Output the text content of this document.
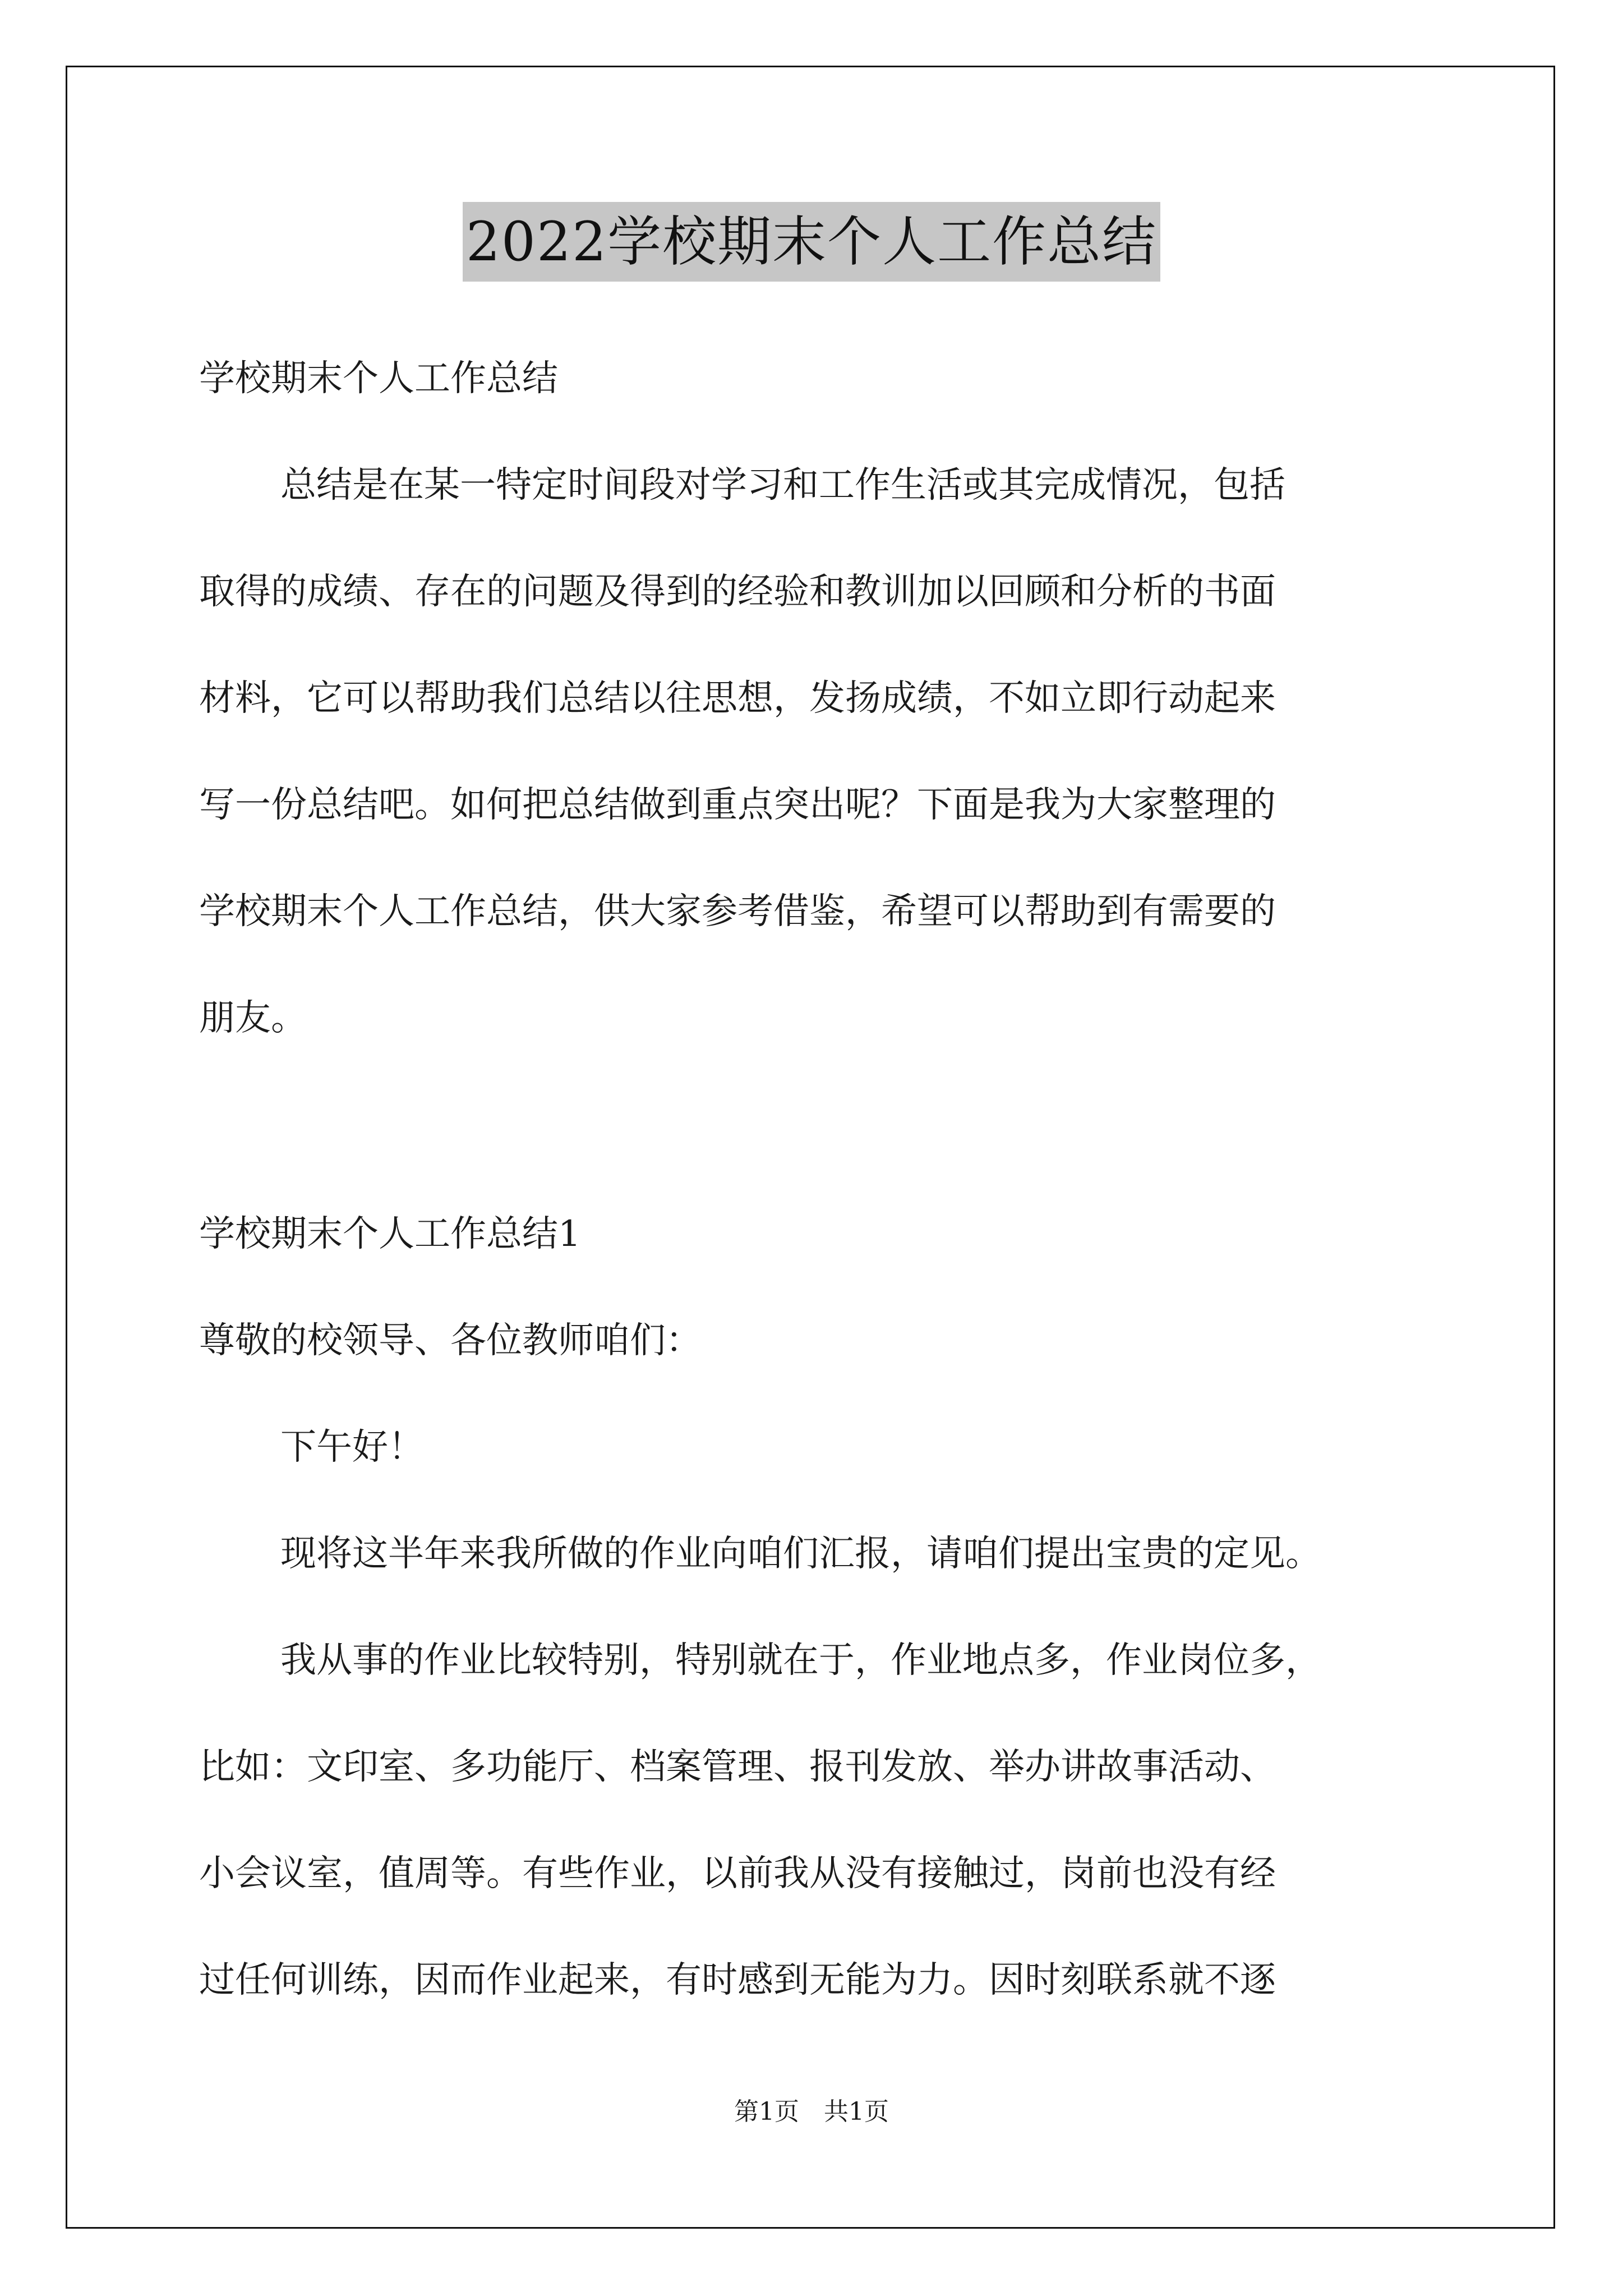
2022学校期末个人工作总结
学校期末个人工作总结
总结是在某一特定时间段对学习和工作生活或其完成情况，包括
取得的成绩、存在的问题及得到的经验和教训加以回顾和分析的书面
材料，它可以帮助我们总结以往思想，发扬成绩，不如立即行动起来
写一份总结吧。如何把总结做到重点突出呢？下面是我为大家整理的
学校期末个人工作总结，供大家参考借鉴，希望可以帮助到有需要的
朋友。
学校期末个人工作总结1
尊敬的校领导、各位教师咱们：
下午好！
现将这半年来我所做的作业向咱们汇报，请咱们提出宝贵的定见。
我从事的作业比较特别，特别就在于，作业地点多，作业岗位多，
比如：文印室、多功能厅、档案管理、报刊发放、举办讲故事活动、
小会议室，值周等。有些作业，以前我从没有接触过，岗前也没有经
过任何训练，因而作业起来，有时感到无能为力。因时刻联系就不逐
第1页　共1页
